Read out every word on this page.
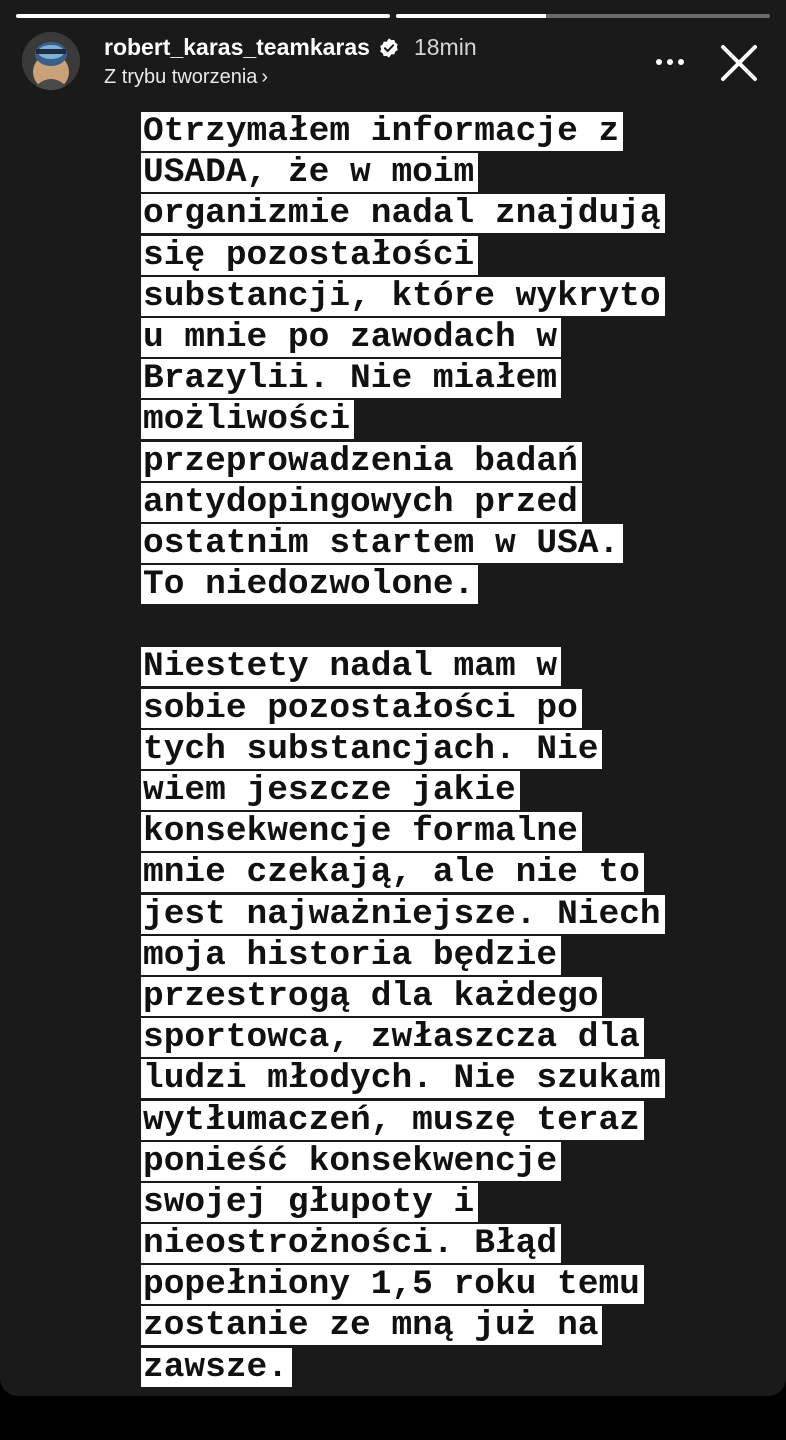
robert_karas_teamkaras 18min
Z trybu tworzenia ›
Otrzymałem informacje z
USADA, że w moim
organizmie nadal znajdują
się pozostałości
substancji, które wykryto
u mnie po zawodach w
Brazylii. Nie miałem
możliwości
przeprowadzenia badań
antydopingowych przed
ostatnim startem w USA.
To niedozwolone.
Niestety nadal mam w
sobie pozostałości po
tych substancjach. Nie
wiem jeszcze jakie
konsekwencje formalne
mnie czekają, ale nie to
jest najważniejsze. Niech
moja historia będzie
przestrogą dla każdego
sportowca, zwłaszcza dla
ludzi młodych. Nie szukam
wytłumaczeń, muszę teraz
ponieść konsekwencje
swojej głupoty i
nieostrożności. Błąd
popełniony 1,5 roku temu
zostanie ze mną już na
zawsze.
